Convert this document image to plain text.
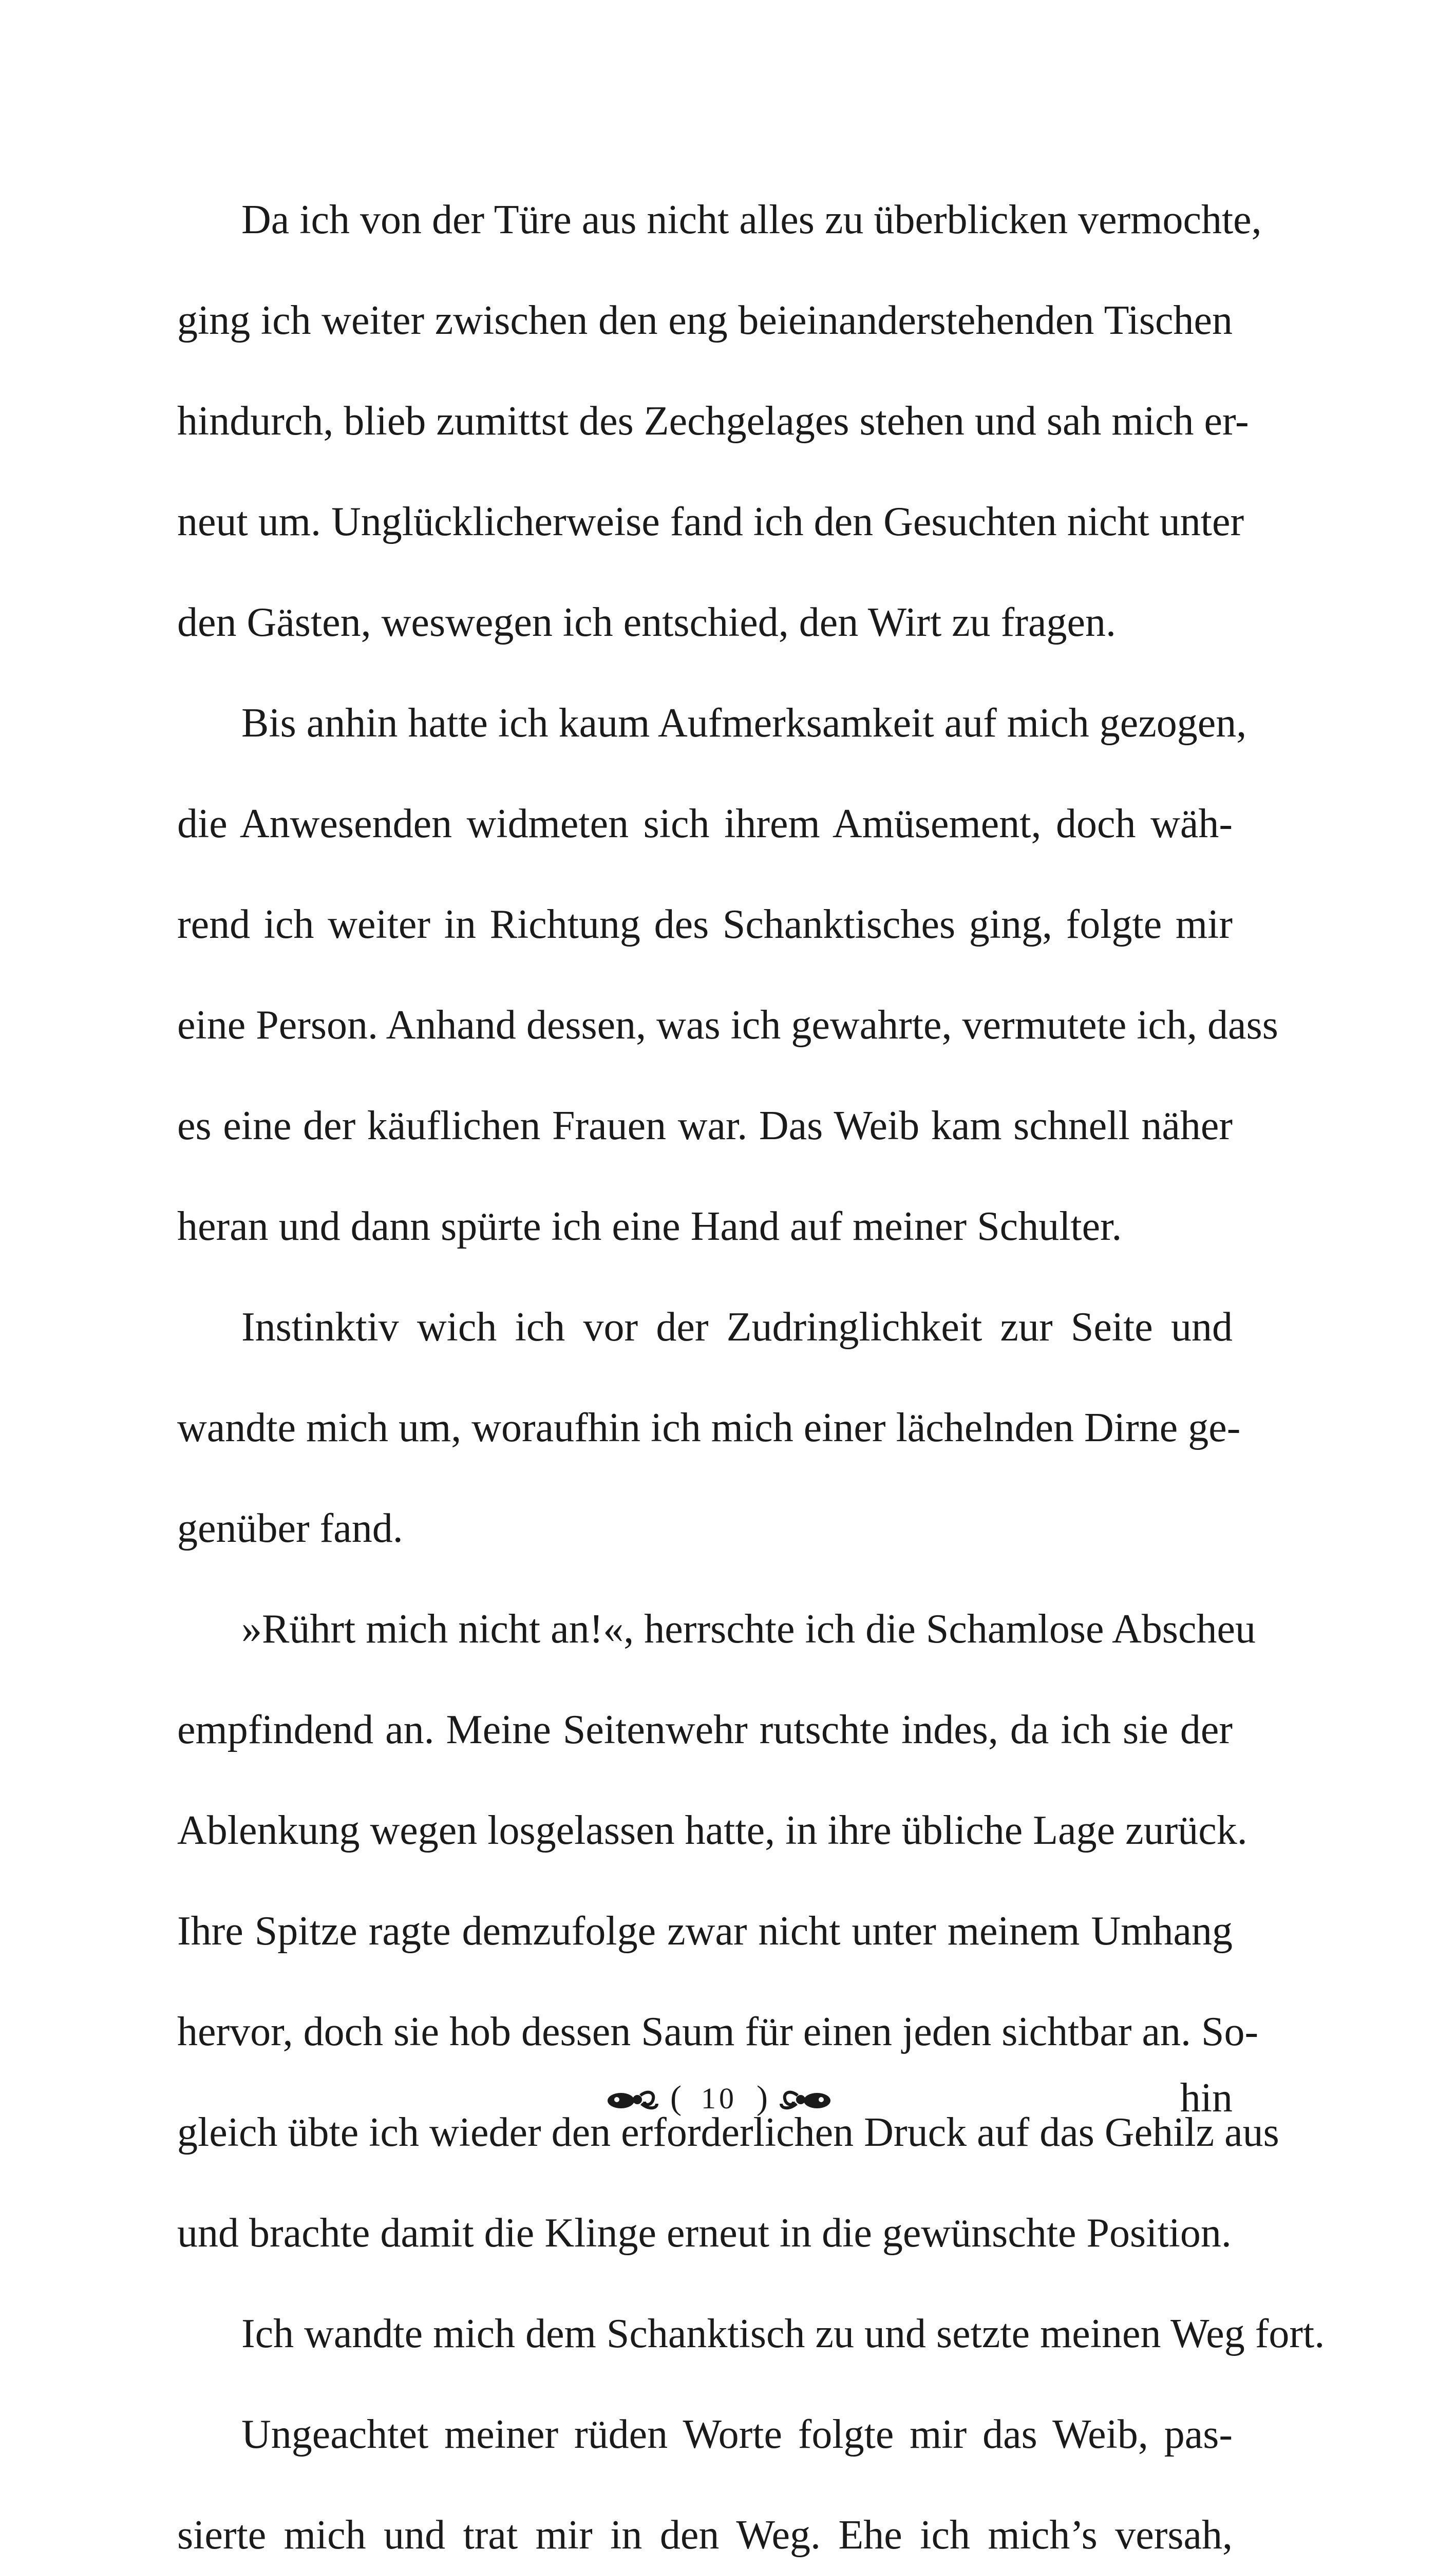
Da ich von der Türe aus nicht alles zu überblicken vermochte,
ging ich weiter zwischen den eng beieinanderstehenden Tischen
hindurch, blieb zumittst des Zechgelages stehen und sah mich er-
neut um. Unglücklicherweise fand ich den Gesuchten nicht unter
den Gästen, weswegen ich entschied, den Wirt zu fragen.
Bis anhin hatte ich kaum Aufmerksamkeit auf mich gezogen,
die Anwesenden widmeten sich ihrem Amüsement, doch wäh-
rend ich weiter in Richtung des Schanktisches ging, folgte mir
eine Person. Anhand dessen, was ich gewahrte, vermutete ich, dass
es eine der käuflichen Frauen war. Das Weib kam schnell näher
heran und dann spürte ich eine Hand auf meiner Schulter.
Instinktiv wich ich vor der Zudringlichkeit zur Seite und
wandte mich um, woraufhin ich mich einer lächelnden Dirne ge-
genüber fand.
»Rührt mich nicht an!«, herrschte ich die Schamlose Abscheu
empfindend an. Meine Seitenwehr rutschte indes, da ich sie der
Ablenkung wegen losgelassen hatte, in ihre übliche Lage zurück.
Ihre Spitze ragte demzufolge zwar nicht unter meinem Umhang
hervor, doch sie hob dessen Saum für einen jeden sichtbar an. So-
gleich übte ich wieder den erforderlichen Druck auf das Gehilz aus
und brachte damit die Klinge erneut in die gewünschte Position.
Ich wandte mich dem Schanktisch zu und setzte meinen Weg fort.
Ungeachtet meiner rüden Worte folgte mir das Weib, pas-
sierte mich und trat mir in den Weg. Ehe ich mich’s versah,
( 10 )	hin
